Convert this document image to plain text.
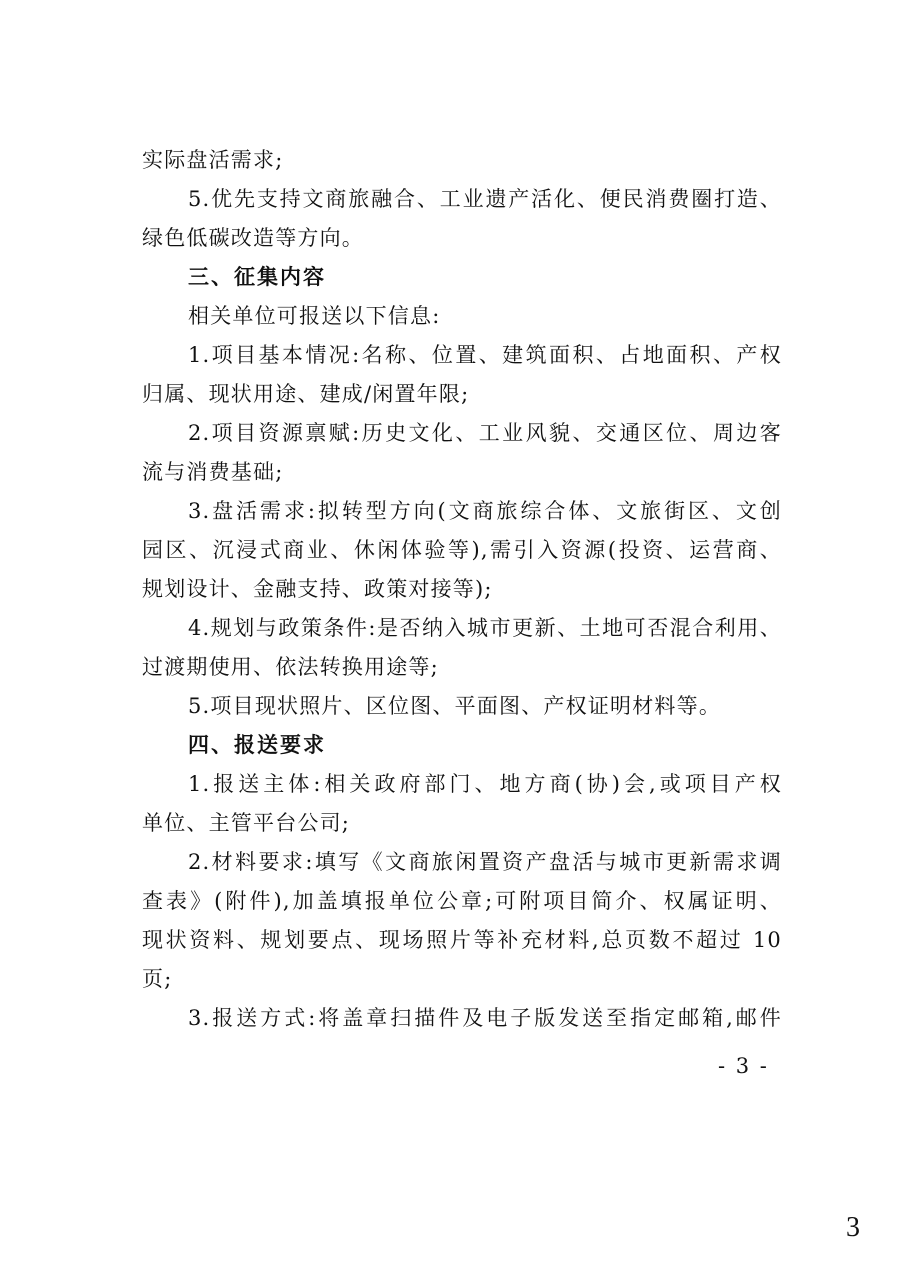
实际盘活需求;
5.优先支持文商旅融合、工业遗产活化、便民消费圈打造、
绿色低碳改造等方向。
三、征集内容
相关单位可报送以下信息:
1.项目基本情况:名称、位置、建筑面积、占地面积、产权
归属、现状用途、建成/闲置年限;
2.项目资源禀赋:历史文化、工业风貌、交通区位、周边客
流与消费基础;
3.盘活需求:拟转型方向(文商旅综合体、文旅街区、文创
园区、沉浸式商业、休闲体验等),需引入资源(投资、运营商、
规划设计、金融支持、政策对接等);
4.规划与政策条件:是否纳入城市更新、土地可否混合利用、
过渡期使用、依法转换用途等;
5.项目现状照片、区位图、平面图、产权证明材料等。
四、报送要求
1.报送主体:相关政府部门、地方商(协)会,或项目产权
单位、主管平台公司;
2.材料要求:填写《文商旅闲置资产盘活与城市更新需求调
查表》(附件),加盖填报单位公章;可附项目简介、权属证明、
现状资料、规划要点、现场照片等补充材料,总页数不超过 10
页;
3.报送方式:将盖章扫描件及电子版发送至指定邮箱,邮件
- 3 -
3
